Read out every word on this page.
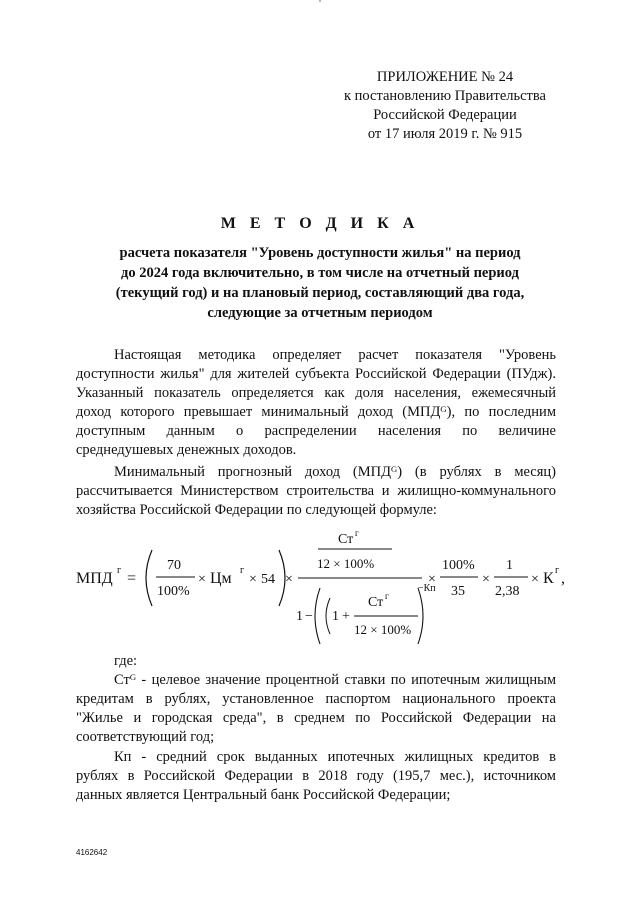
ПРИЛОЖЕНИЕ № 24
к постановлению Правительства
Российской Федерации
от 17 июля 2019 г. № 915
М Е Т О Д И К А
расчета показателя "Уровень доступности жилья" на период
до 2024 года включительно, в том числе на отчетный период
(текущий год) и на плановый период, составляющий два года,
следующие за отчетным периодом
Настоящая методика определяет расчет показателя "Уровень
доступности жилья" для жителей субъекта Российской Федерации (ПУдж).
Указанный показатель определяется как доля населения, ежемесячный
доход которого превышает минимальный доход (МПДᴳ), по последним
доступным данным о распределении населения по величине
среднедушевых денежных доходов.
Минимальный прогнозный доход (МПДᴳ) (в рублях в месяц)
рассчитывается Министерством строительства и жилищно-коммунального
хозяйства Российской Федерации по следующей формуле:
МПД г =
70
100%
× Цм г
× 54 ×
Ст г
12 × 100%
1 − 1 +
Ст г
12 × 100%
−Кп
×
100%
35
×
1
2,38
× К г ,
где:
Стᴳ - целевое значение процентной ставки по ипотечным жилищным
кредитам в рублях, установленное паспортом национального проекта
"Жилье и городская среда", в среднем по Российской Федерации на
соответствующий год;
Кп - средний срок выданных ипотечных жилищных кредитов в
рублях в Российской Федерации в 2018 году (195,7 мес.), источником
данных является Центральный банк Российской Федерации;
4162642
